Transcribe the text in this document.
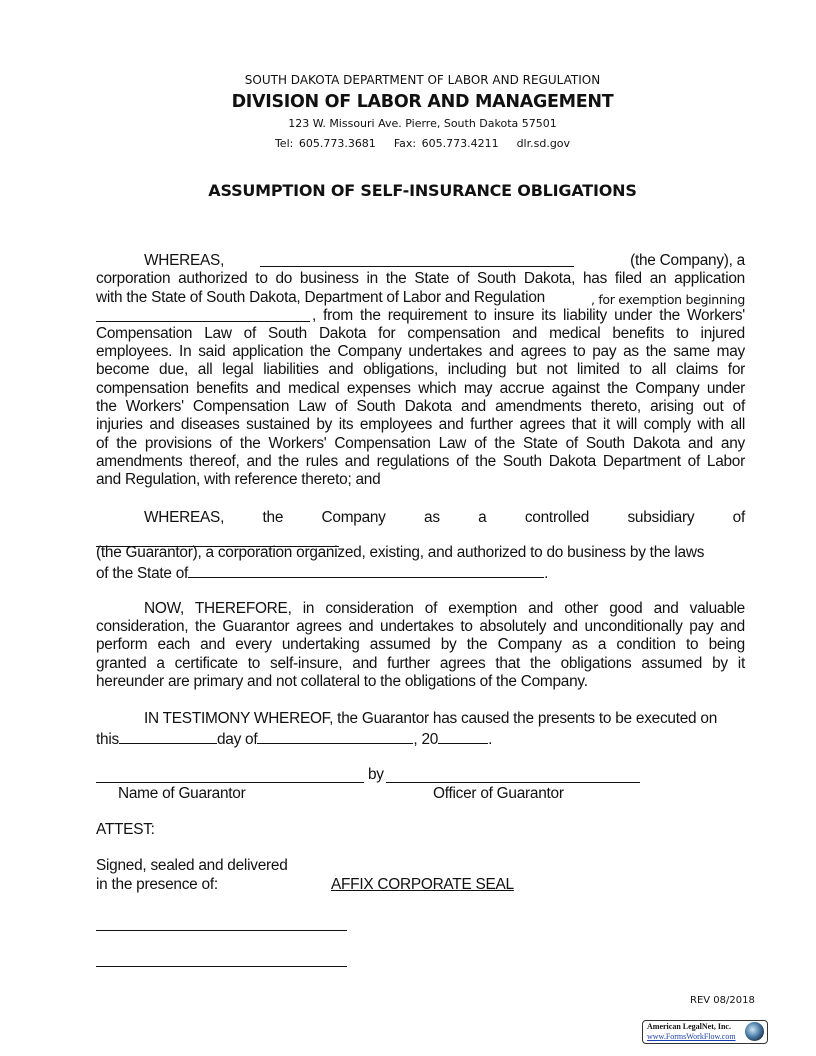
SOUTH DAKOTA DEPARTMENT OF LABOR AND REGULATION
DIVISION OF LABOR AND MANAGEMENT
123 W. Missouri Ave. Pierre, South Dakota 57501
Tel: 605.773.3681 Fax: 605.773.4211 dlr.sd.gov
ASSUMPTION OF SELF-INSURANCE OBLIGATIONS
WHEREAS,	(the Company), a
corporation authorized to do business in the State of South Dakota, has filed an application
with the State of South Dakota, Department of Labor and Regulation	, for exemption beginning
, from the requirement to insure its liability under the Workers'
Compensation Law of South Dakota for compensation and medical benefits to injured
employees. In said application the Company undertakes and agrees to pay as the same may
become due, all legal liabilities and obligations, including but not limited to all claims for
compensation benefits and medical expenses which may accrue against the Company under
the Workers' Compensation Law of South Dakota and amendments thereto, arising out of
injuries and diseases sustained by its employees and further agrees that it will comply with all
of the provisions of the Workers' Compensation Law of the State of South Dakota and any
amendments thereof, and the rules and regulations of the South Dakota Department of Labor
and Regulation, with reference thereto; and
WHEREAS, the Company as a controlled subsidiary of
(the Guarantor), a corporation organized, existing, and authorized to do business by the laws
of the State of	.
NOW, THEREFORE, in consideration of exemption and other good and valuable
consideration, the Guarantor agrees and undertakes to absolutely and unconditionally pay and
perform each and every undertaking assumed by the Company as a condition to being
granted a certificate to self-insure, and further agrees that the obligations assumed by it
hereunder are primary and not collateral to the obligations of the Company.
IN TESTIMONY WHEREOF, the Guarantor has caused the presents to be executed on
this	day of	, 20	.
by
Name of Guarantor	Officer of Guarantor
ATTEST:
Signed, sealed and delivered
in the presence of:	AFFIX CORPORATE SEAL
REV 08/2018
American LegalNet, Inc.
www.FormsWorkFlow.com
